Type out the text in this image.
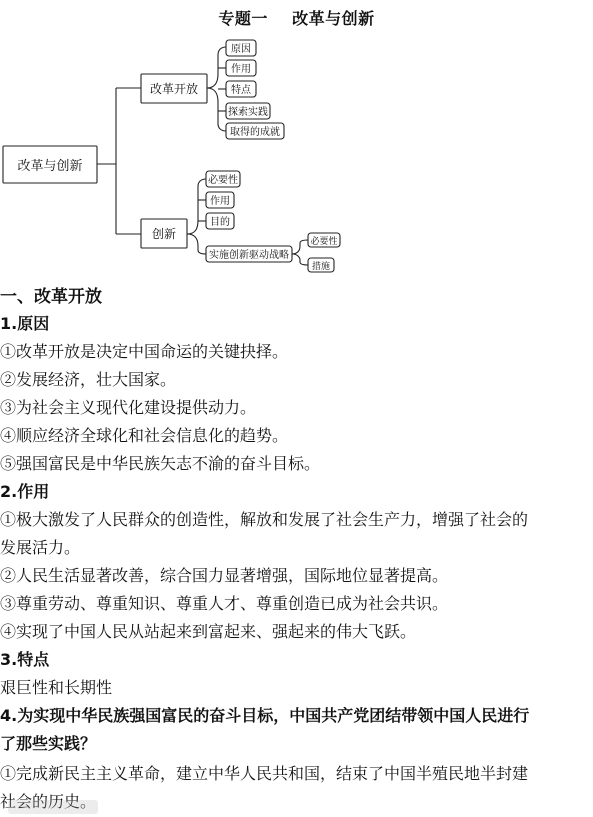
专题一    改革与创新
改革与创新
改革开放
创新
原因
作用
特点
探索实践
取得的成就
必要性
作用
目的
实施创新驱动战略
必要性
措施
一、改革开放
1.原因
①改革开放是决定中国命运的关键抉择。
②发展经济，壮大国家。
③为社会主义现代化建设提供动力。
④顺应经济全球化和社会信息化的趋势。
⑤强国富民是中华民族矢志不渝的奋斗目标。
2.作用
①极大激发了人民群众的创造性，解放和发展了社会生产力，增强了社会的
发展活力。
②人民生活显著改善，综合国力显著增强，国际地位显著提高。
③尊重劳动、尊重知识、尊重人才、尊重创造已成为社会共识。
④实现了中国人民从站起来到富起来、强起来的伟大飞跃。
3.特点
艰巨性和长期性
4.为实现中华民族强国富民的奋斗目标，中国共产党团结带领中国人民进行
了那些实践？
①完成新民主主义革命，建立中华人民共和国，结束了中国半殖民地半封建
社会的历史。
